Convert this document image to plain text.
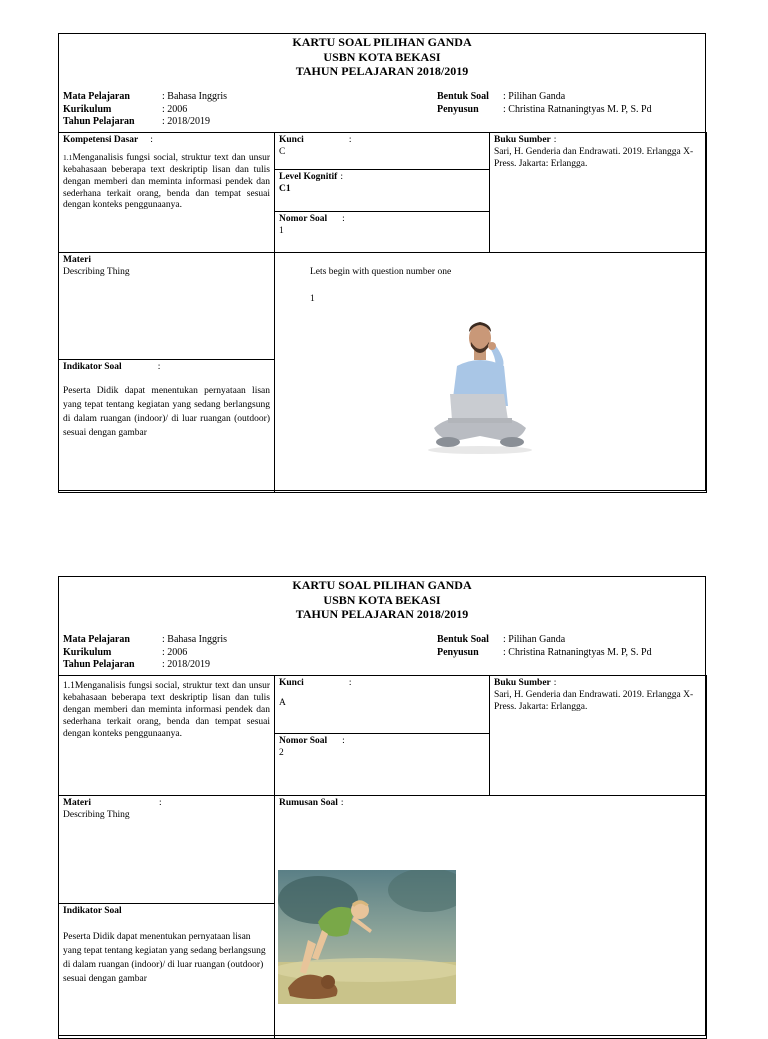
KARTU SOAL PILIHAN GANDA
USBN KOTA BEKASI
TAHUN PELAJARAN 2018/2019
Mata Pelajaran	: Bahasa Inggris
Kurikulum	: 2006
Tahun Pelajaran	: 2018/2019
Bentuk Soal	: Pilihan Ganda
Penyusun	: Christina Ratnaningtyas M. P, S. Pd
Kompetensi Dasar :
1.1Menganalisis fungsi social, struktur text dan unsur kebahasaan beberapa text deskriptip lisan dan tulis dengan memberi dan meminta informasi pendek dan sederhana terkait orang, benda dan tempat sesuai dengan konteks penggunaanya.
Kunci	:
C
Level Kognitif :
C1
Nomor Soal :
1
Buku Sumber :
Sari, H. Genderia dan Endrawati. 2019. Erlangga X-Press. Jakarta: Erlangga.
Materi
Describing Thing
Indikator Soal	:
Peserta Didik dapat menentukan pernyataan lisan yang tepat tentang kegiatan yang sedang berlangsung di dalam ruangan (indoor)/ di luar ruangan (outdoor) sesuai dengan gambar
Lets begin with question number one
1
KARTU SOAL PILIHAN GANDA
USBN KOTA BEKASI
TAHUN PELAJARAN 2018/2019
Mata Pelajaran	: Bahasa Inggris
Kurikulum	: 2006
Tahun Pelajaran	: 2018/2019
Bentuk Soal	: Pilihan Ganda
Penyusun	: Christina Ratnaningtyas M. P, S. Pd
1.1Menganalisis fungsi social, struktur text dan unsur kebahasaan beberapa text deskriptip lisan dan tulis dengan memberi dan meminta informasi pendek dan sederhana terkait orang, benda dan tempat sesuai dengan konteks penggunaanya.
Kunci	:
A
Nomor Soal :
2
Buku Sumber :
Sari, H. Genderia dan Endrawati. 2019. Erlangga X-Press. Jakarta: Erlangga.
Materi	:
Describing Thing
Indikator Soal
Peserta Didik dapat menentukan pernyataan lisan yang tepat tentang kegiatan yang sedang berlangsung di dalam ruangan (indoor)/ di luar ruangan (outdoor) sesuai dengan gambar
Rumusan Soal :
